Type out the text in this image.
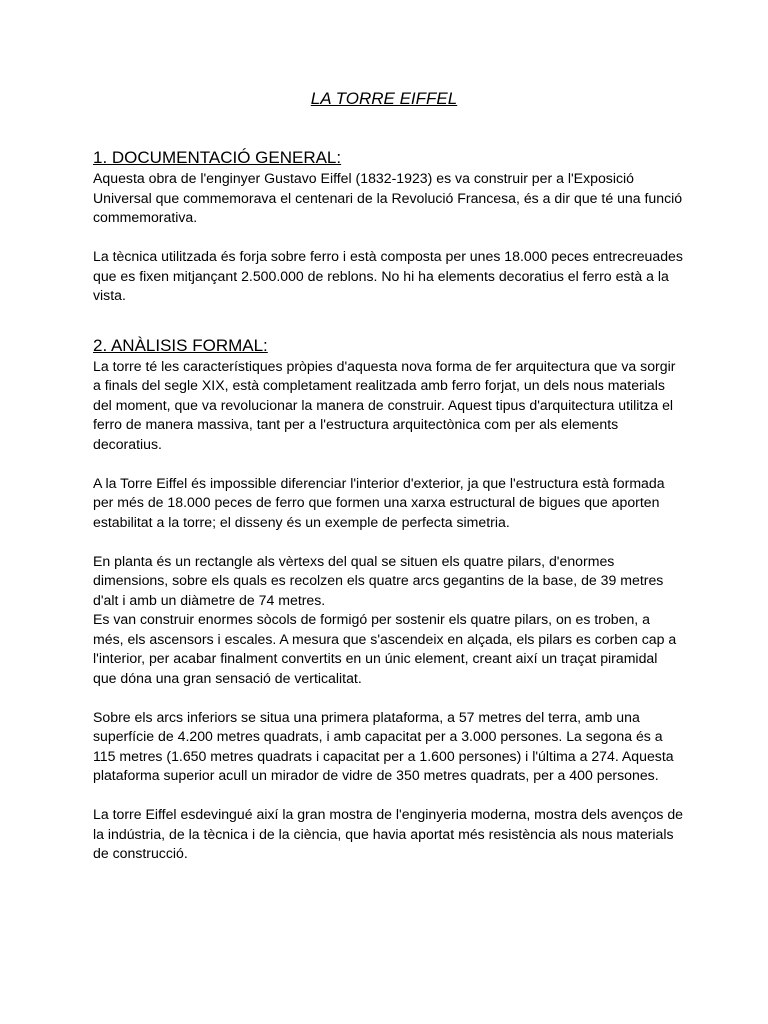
LA TORRE EIFFEL
1. DOCUMENTACIÓ GENERAL:

Aquesta obra de l'enginyer Gustavo Eiffel (1832-1923) es va construir per a l'Exposició Universal que commemorava el centenari de la Revolució Francesa, és a dir que té una funció commemorativa.

La tècnica utilitzada és forja sobre ferro i està composta per unes 18.000 peces entrecreuades que es fixen mitjançant 2.500.000 de reblons. No hi ha elements decoratius el ferro està a la vista.

2. ANÀLISIS FORMAL:

La torre té les característiques pròpies d'aquesta nova forma de fer arquitectura que va sorgir a finals del segle XIX, està completament realitzada amb ferro forjat, un dels nous materials del moment, que va revolucionar la manera de construir. Aquest tipus d'arquitectura utilitza el ferro de manera massiva, tant per a l'estructura arquitectònica com per als elements decoratius.

A la Torre Eiffel és impossible diferenciar l'interior d'exterior, ja que l'estructura està formada per més de 18.000 peces de ferro que formen una xarxa estructural de bigues que aporten estabilitat a la torre; el disseny és un exemple de perfecta simetria.

En planta és un rectangle als vèrtexs del qual se situen els quatre pilars, d'enormes dimensions, sobre els quals es recolzen els quatre arcs gegantins de la base, de 39 metres d'alt i amb un diàmetre de 74 metres.

Es van construir enormes sòcols de formigó per sostenir els quatre pilars, on es troben, a més, els ascensors i escales. A mesura que s'ascendeix en alçada, els pilars es corben cap a l'interior, per acabar finalment convertits en un únic element, creant així un traçat piramidal que dóna una gran sensació de verticalitat.

Sobre els arcs inferiors se situa una primera plataforma, a 57 metres del terra, amb una superfície de 4.200 metres quadrats, i amb capacitat per a 3.000 persones. La segona és a 115 metres (1.650 metres quadrats i capacitat per a 1.600 persones) i l'última a 274. Aquesta plataforma superior acull un mirador de vidre de 350 metres quadrats, per a 400 persones.

La torre Eiffel esdevingué així la gran mostra de l'enginyeria moderna, mostra dels avenços de la indústria, de la tècnica i de la ciència, que havia aportat més resistència als nous materials de construcció.
